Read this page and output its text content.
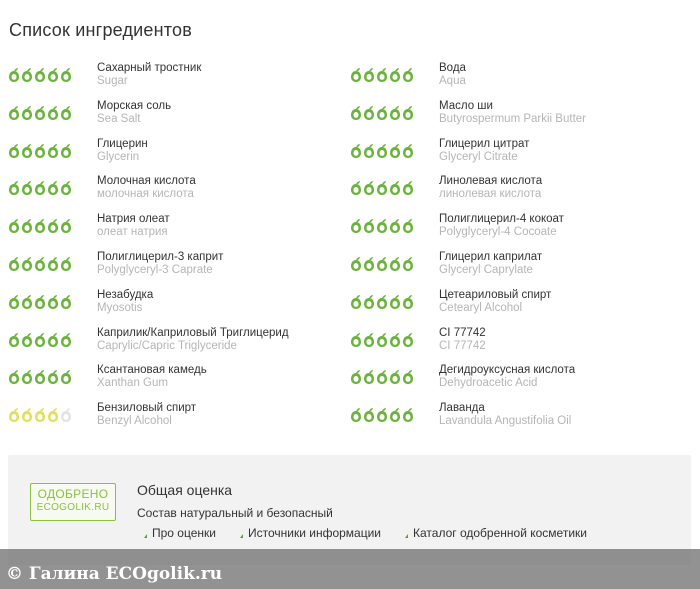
Список ингредиентов
Сахарный тростник
Sugar
Вода
Aqua
Морская соль
Sea Salt
Масло ши
Butyrospermum Parkii Butter
Глицерин
Glycerin
Глицерил цитрат
Glyceryl Citrate
Молочная кислота
молочная кислота
Линолевая кислота
линолевая кислота
Натрия олеат
олеат натрия
Полиглицерил-4 кокоат
Polyglyceryl-4 Cocoate
Полиглицерил-3 каприт
Polyglyceryl-3 Caprate
Глицерил каприлат
Glyceryl Caprylate
Незабудка
Myosotis
Цетеариловый спирт
Cetearyl Alcohol
Каприлик/Каприловый Триглицерид
Caprylic/Capric Triglyceride
CI 77742
CI 77742
Ксантановая камедь
Xanthan Gum
Дегидроуксусная кислота
Dehydroacetic Acid
Бензиловый спирт
Benzyl Alcohol
Лаванда
Lavandula Angustifolia Oil
ОДОБРЕНО
ECOGOLIK.RU
Общая оценка
Состав натуральный и безопасный
Про оценки	Источники информации	Каталог одобренной косметики
© Галина ECOgolik.ru
